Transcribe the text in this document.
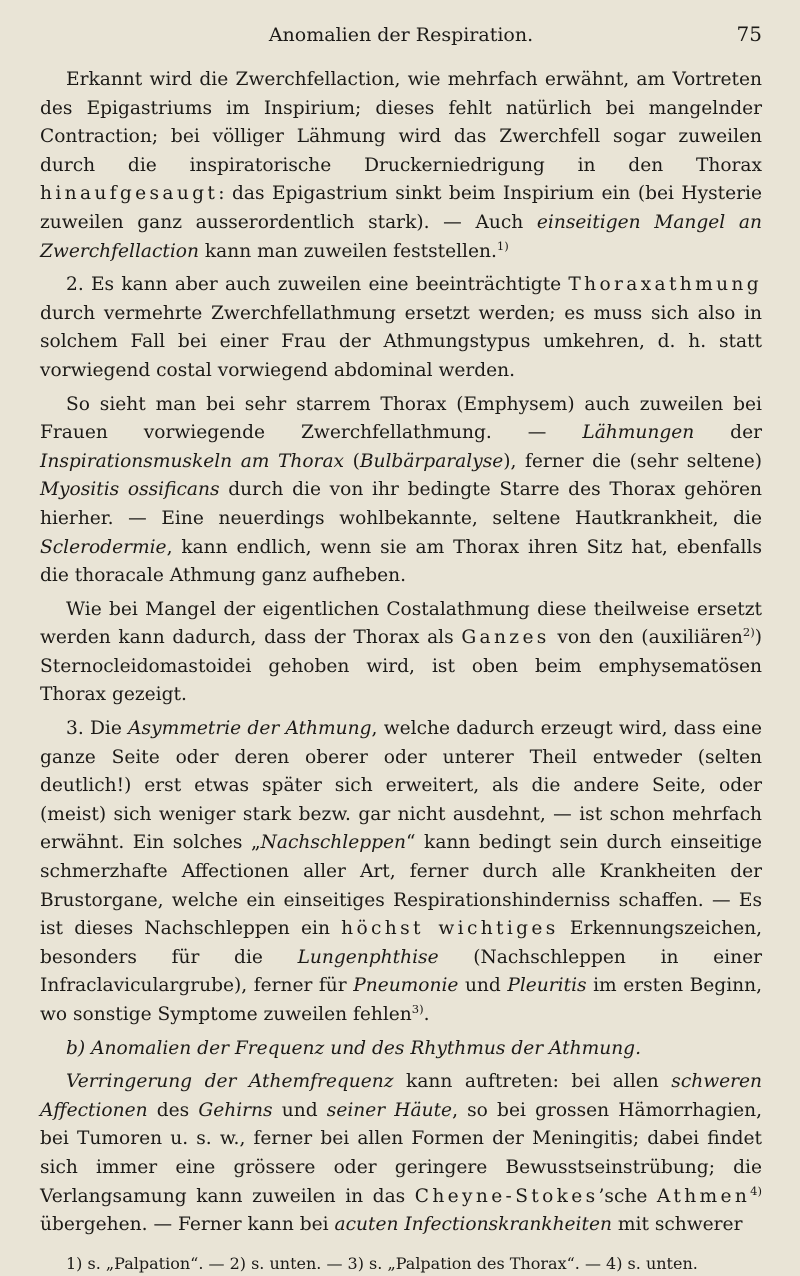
Anomalien der Respiration.	75

Erkannt wird die Zwerchfellaction, wie mehrfach erwähnt, am Vortreten des Epigastriums im Inspirium; dieses fehlt natürlich bei mangelnder Contraction; bei völliger Lähmung wird das Zwerchfell sogar zuweilen durch die inspiratorische Druckerniedrigung in den Thorax hinaufgesaugt: das Epigastrium sinkt beim Inspirium ein (bei Hysterie zuweilen ganz ausserordentlich stark). — Auch einseitigen Mangel an Zwerchfellaction kann man zuweilen feststellen.$^{1)}$

2. Es kann aber auch zuweilen eine beeinträchtigte Thoraxathmung durch vermehrte Zwerchfellathmung ersetzt werden; es muss sich also in solchem Fall bei einer Frau der Athmungstypus umkehren, d. h. statt vorwiegend costal vorwiegend abdominal werden.

So sieht man bei sehr starrem Thorax (Emphysem) auch zuweilen bei Frauen vorwiegende Zwerchfellathmung. — Lähmungen der Inspirationsmuskeln am Thorax (Bulbärparalyse), ferner die (sehr seltene) Myositis ossificans durch die von ihr bedingte Starre des Thorax gehören hierher. — Eine neuerdings wohlbekannte, seltene Hautkrankheit, die Sclerodermie, kann endlich, wenn sie am Thorax ihren Sitz hat, ebenfalls die thoracale Athmung ganz aufheben.

Wie bei Mangel der eigentlichen Costalathmung diese theilweise ersetzt werden kann dadurch, dass der Thorax als Ganzes von den (auxiliären$^{2)}$) Sternocleidomastoidei gehoben wird, ist oben beim emphysematösen Thorax gezeigt.

3. Die Asymmetrie der Athmung, welche dadurch erzeugt wird, dass eine ganze Seite oder deren oberer oder unterer Theil entweder (selten deutlich!) erst etwas später sich erweitert, als die andere Seite, oder (meist) sich weniger stark bezw. gar nicht ausdehnt, — ist schon mehrfach erwähnt. Ein solches „Nachschleppen“ kann bedingt sein durch einseitige schmerzhafte Affectionen aller Art, ferner durch alle Krankheiten der Brustorgane, welche ein einseitiges Respirationshinderniss schaffen. — Es ist dieses Nachschleppen ein höchst wichtiges Erkennungszeichen, besonders für die Lungenphthise (Nachschleppen in einer Infraclaviculargrube), ferner für Pneumonie und Pleuritis im ersten Beginn, wo sonstige Symptome zuweilen fehlen$^{3)}$.

b) Anomalien der Frequenz und des Rhythmus der Athmung.

Verringerung der Athemfrequenz kann auftreten: bei allen schweren Affectionen des Gehirns und seiner Häute, so bei grossen Hämorrhagien, bei Tumoren u. s. w., ferner bei allen Formen der Meningitis; dabei findet sich immer eine grössere oder geringere Bewusstseinstrübung; die Verlangsamung kann zuweilen in das Cheyne-Stokes’sche Athmen$^{4)}$ übergehen. — Ferner kann bei acuten Infectionskrankheiten mit schwerer

1) s. „Palpation“. — 2) s. unten. — 3) s. „Palpation des Thorax“. — 4) s. unten.
